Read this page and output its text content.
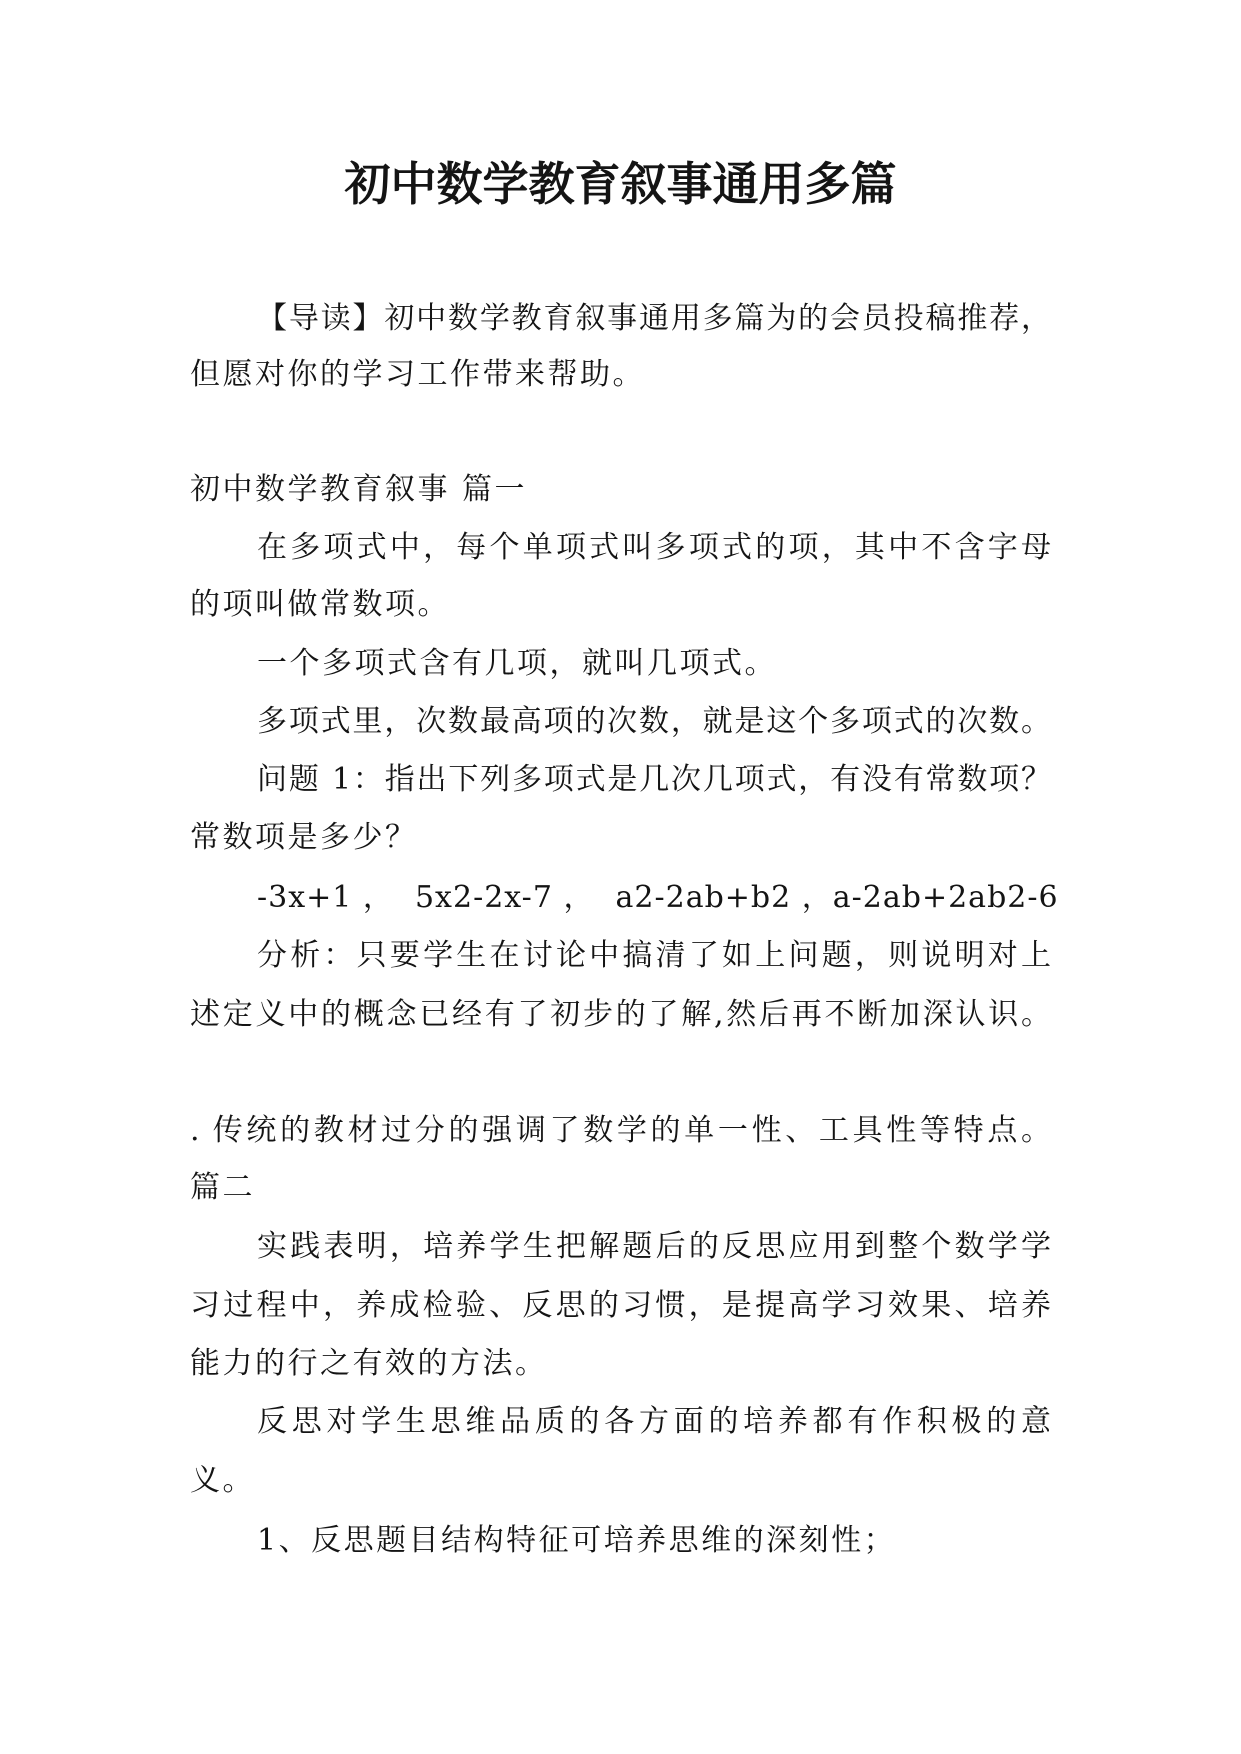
初中数学教育叙事通用多篇
【导读】初中数学教育叙事通用多篇为的会员投稿推荐，
但愿对你的学习工作带来帮助。
初中数学教育叙事 篇一
在多项式中，每个单项式叫多项式的项，其中不含字母
的项叫做常数项。
一个多项式含有几项，就叫几项式。
多项式里，次数最高项的次数，就是这个多项式的次数。
问题 1：指出下列多项式是几次几项式，有没有常数项？
常数项是多少？
-3x+1 ，  5x2-2x-7 ，  a2-2ab+b2 ，a-2ab+2ab2-6
分析：只要学生在讨论中搞清了如上问题，则说明对上
述定义中的概念已经有了初步的了解,然后再不断加深认识。
. 传统的教材过分的强调了数学的单一性、工具性等特点。
篇二
实践表明，培养学生把解题后的反思应用到整个数学学
习过程中，养成检验、反思的习惯，是提高学习效果、培养
能力的行之有效的方法。
反思对学生思维品质的各方面的培养都有作积极的意
义。
1、反思题目结构特征可培养思维的深刻性；
